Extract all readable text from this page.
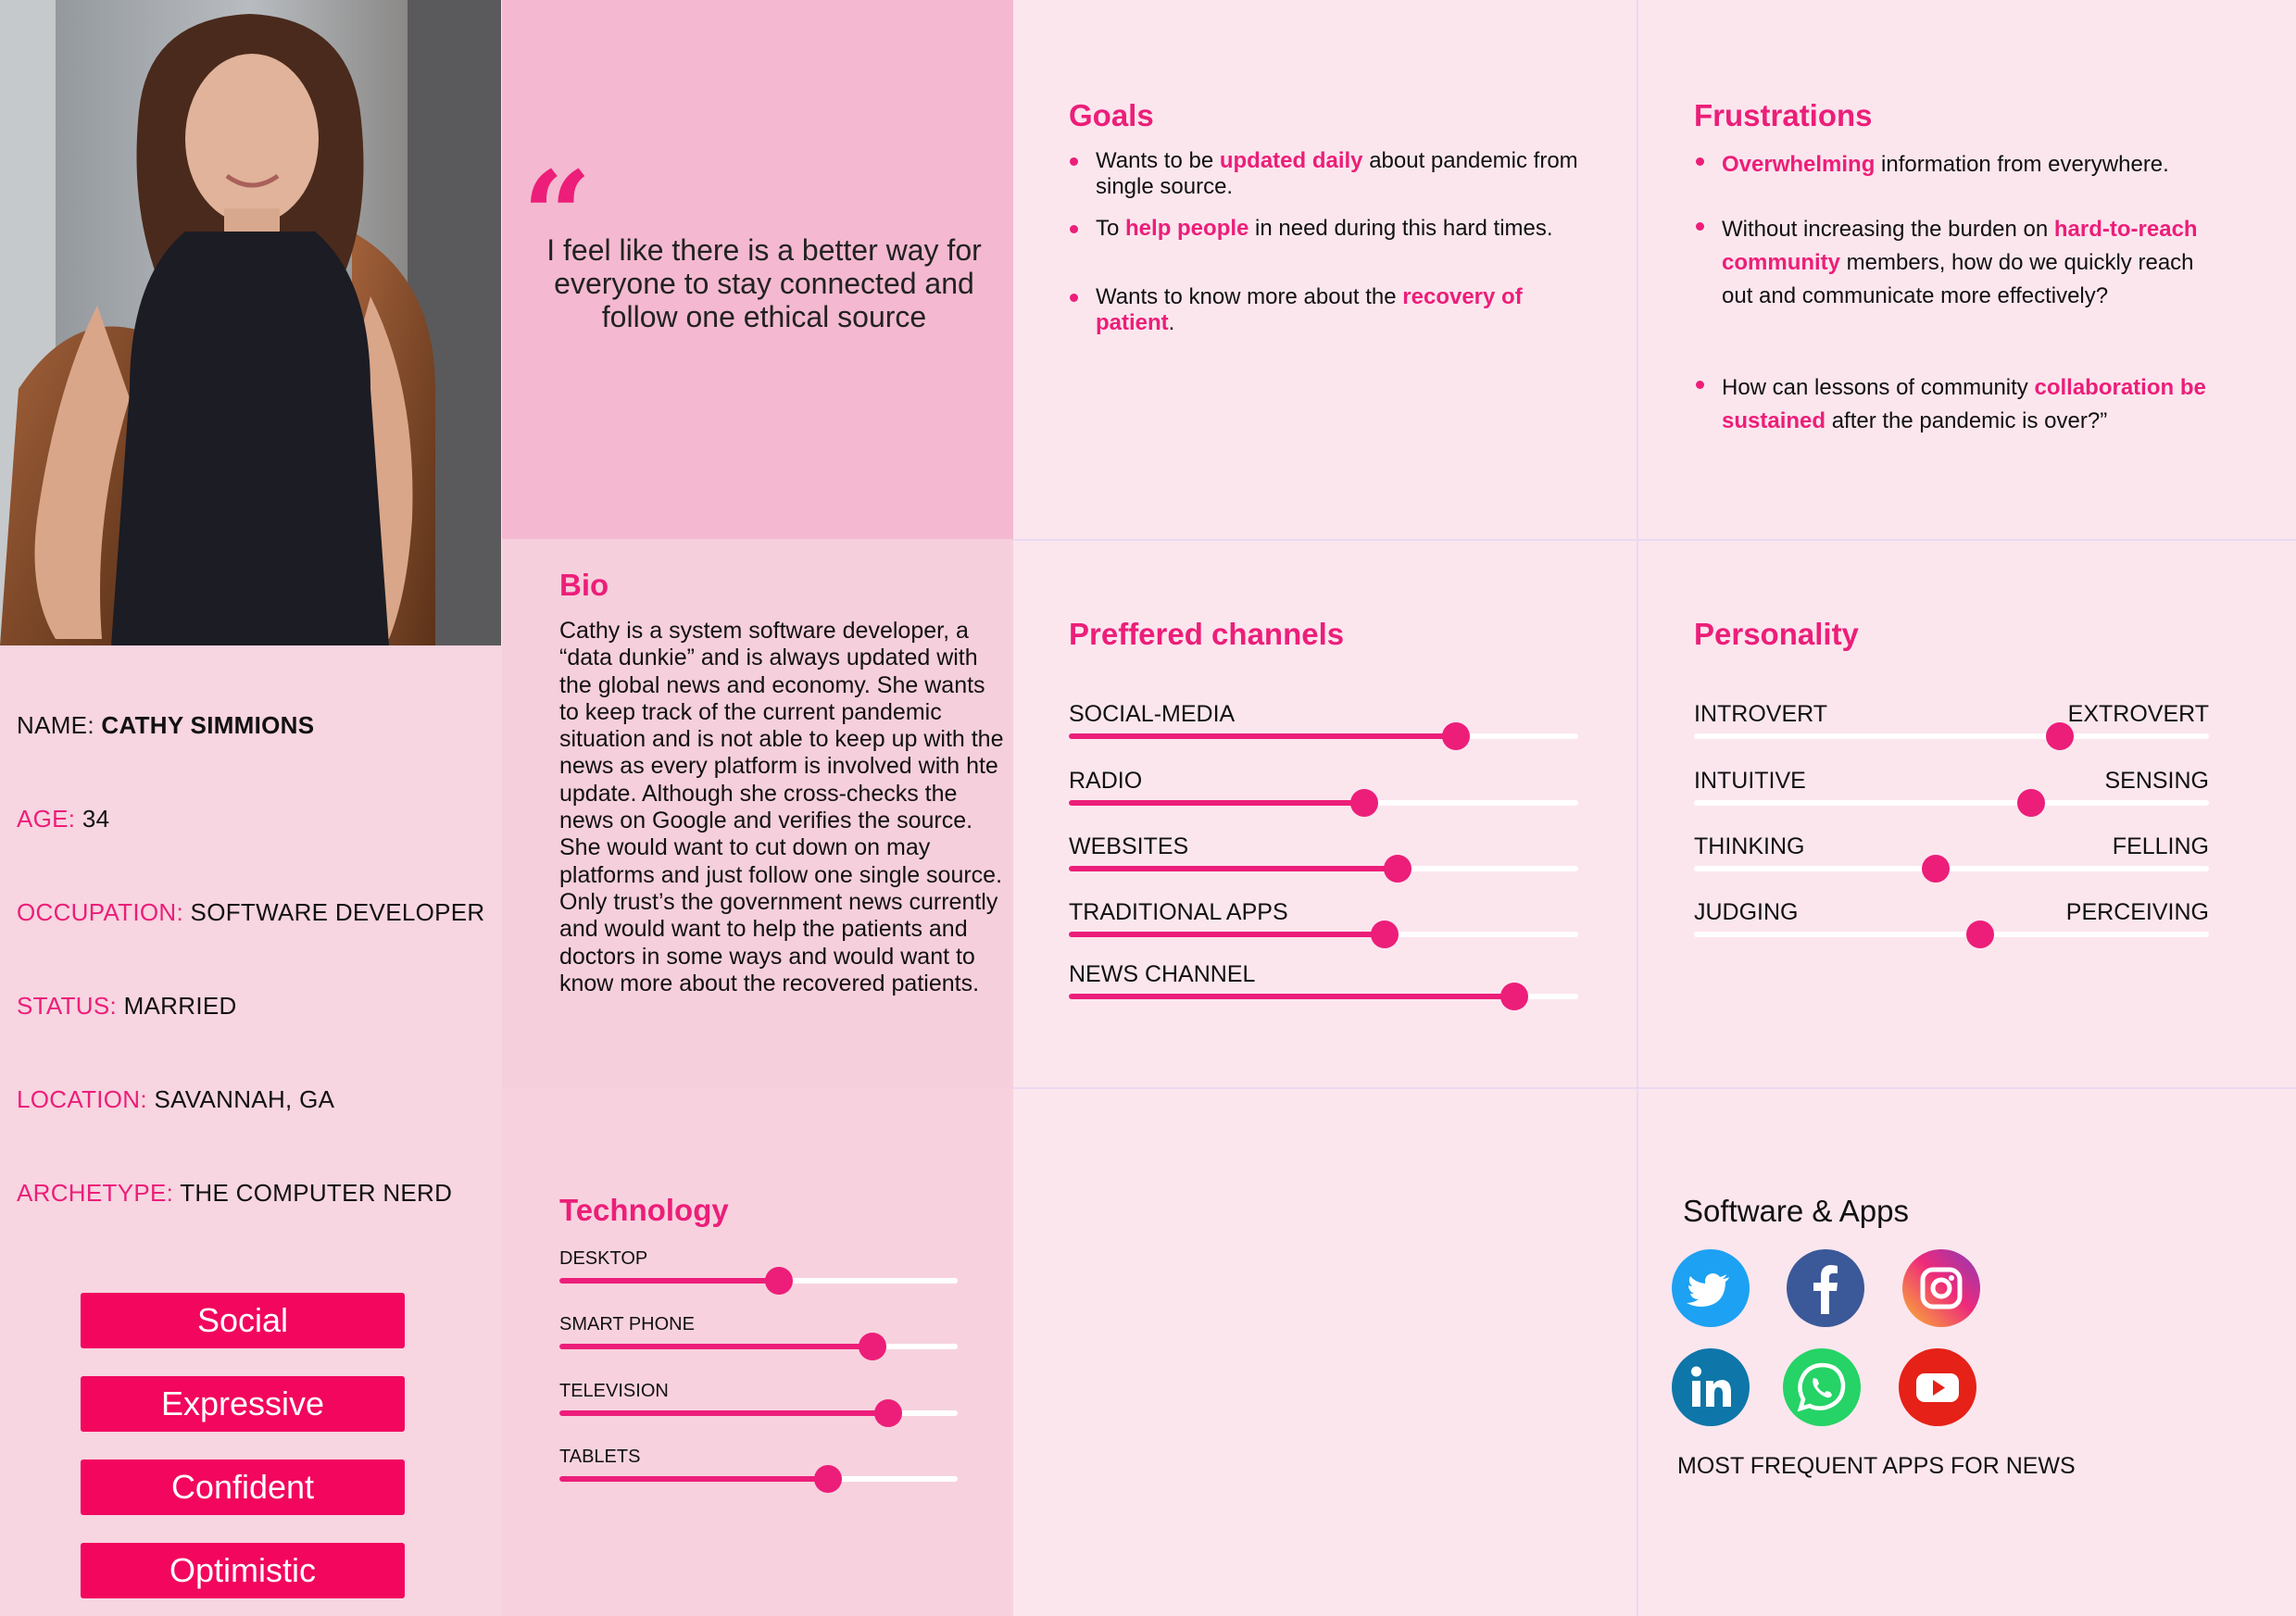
NAME: CATHY SIMMIONS
AGE: 34
OCCUPATION: SOFTWARE DEVELOPER
STATUS: MARRIED
LOCATION: SAVANNAH, GA
ARCHETYPE: THE COMPUTER NERD
Social
Expressive
Confident
Optimistic
“
I feel like there is a better way for everyone to stay connected and follow one ethical source
Bio
Cathy is a system software developer, a “data dunkie” and is always updated with the global news and economy. She wants to keep track of the current pandemic situation and is not able to keep up with the news as every platform is involved with hte update. Although she cross-checks the news on Google and verifies the source. She would want to cut down on may platforms and just follow one single source. Only trust’s the government news currently and would want to help the patients and doctors in some ways and would want to know more about the recovered patients.
Goals
Wants to be updated daily about pandemic from single source.
To help people in need during this hard times.
Wants to know more about the recovery of patient.
Frustrations
Overwhelming information from everywhere.
Without increasing the burden on hard-to-reach community members, how do we quickly reach out and communicate more effectively?
How can lessons of community collaboration be sustained after the pandemic is over?”
Preffered channels
SOCIAL-MEDIA
RADIO
WEBSITES
TRADITIONAL APPS
NEWS CHANNEL
Personality
INTROVERT	EXTROVERT
INTUITIVE	SENSING
THINKING	FELLING
JUDGING	PERCEIVING
Technology
DESKTOP
SMART PHONE
TELEVISION
TABLETS
Software & Apps
MOST FREQUENT APPS FOR NEWS
